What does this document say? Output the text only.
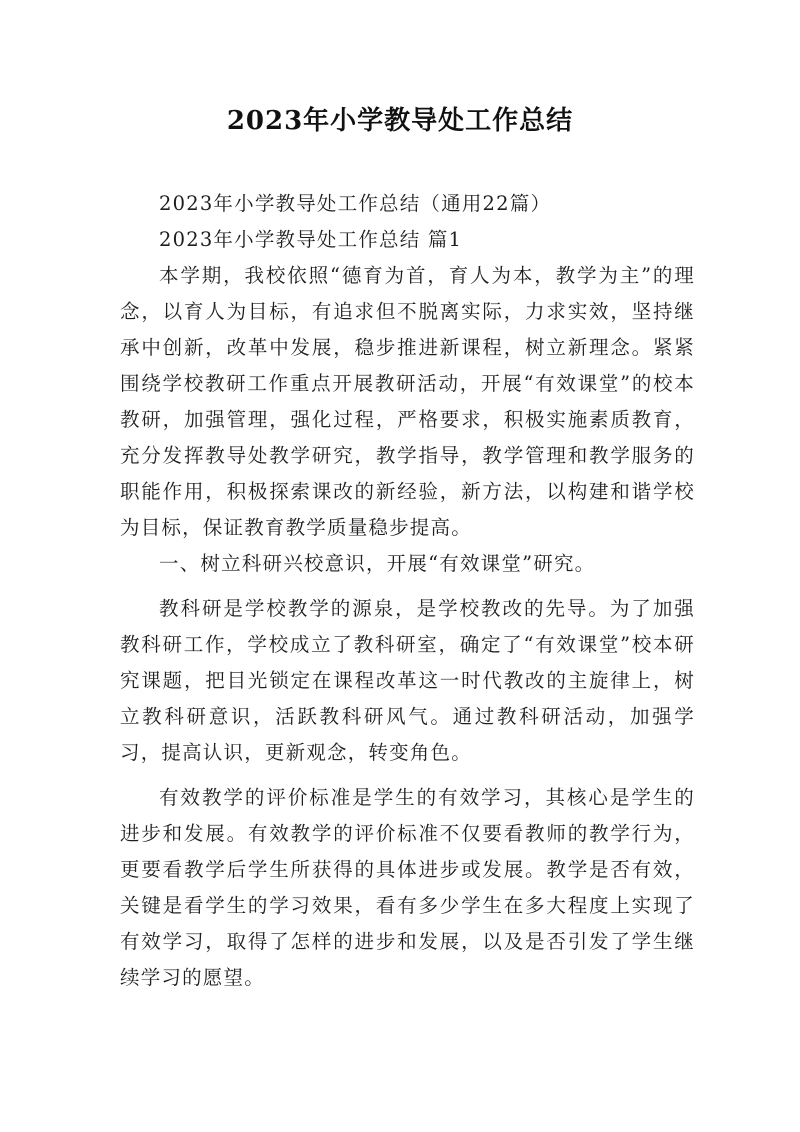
2023年小学教导处工作总结

2023年小学教导处工作总结（通用22篇）

2023年小学教导处工作总结 篇1

本学期，我校依照“德育为首，育人为本，教学为主”的理念，以育人为目标，有追求但不脱离实际，力求实效，坚持继承中创新，改革中发展，稳步推进新课程，树立新理念。紧紧围绕学校教研工作重点开展教研活动，开展“有效课堂”的校本教研，加强管理，强化过程，严格要求，积极实施素质教育，充分发挥教导处教学研究，教学指导，教学管理和教学服务的职能作用，积极探索课改的新经验，新方法，以构建和谐学校为目标，保证教育教学质量稳步提高。

一、树立科研兴校意识，开展“有效课堂”研究。

教科研是学校教学的源泉，是学校教改的先导。为了加强教科研工作，学校成立了教科研室，确定了“有效课堂”校本研究课题，把目光锁定在课程改革这一时代教改的主旋律上，树立教科研意识，活跃教科研风气。通过教科研活动，加强学习，提高认识，更新观念，转变角色。

有效教学的评价标准是学生的有效学习，其核心是学生的进步和发展。有效教学的评价标准不仅要看教师的教学行为，更要看教学后学生所获得的具体进步或发展。教学是否有效，关键是看学生的学习效果，看有多少学生在多大程度上实现了有效学习，取得了怎样的进步和发展，以及是否引发了学生继续学习的愿望。
